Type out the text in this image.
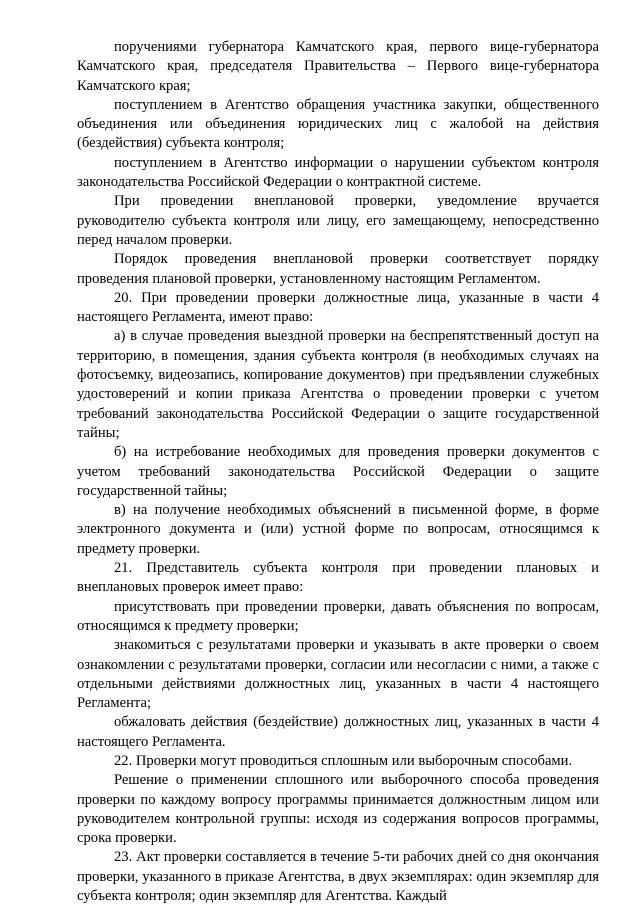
поручениями губернатора Камчатского края, первого вице-губернатора Камчатского края, председателя Правительства – Первого вице-губернатора Камчатского края;

поступлением в Агентство обращения участника закупки, общественного объединения или объединения юридических лиц с жалобой на действия (бездействия) субъекта контроля;

поступлением в Агентство информации о нарушении субъектом контроля законодательства Российской Федерации о контрактной системе.

При проведении внеплановой проверки, уведомление вручается руководителю субъекта контроля или лицу, его замещающему, непосредственно перед началом проверки.

Порядок проведения внеплановой проверки соответствует порядку проведения плановой проверки, установленному настоящим Регламентом.

20. При проведении проверки должностные лица, указанные в части 4 настоящего Регламента, имеют право:

а) в случае проведения выездной проверки на беспрепятственный доступ на территорию, в помещения, здания субъекта контроля (в необходимых случаях на фотосъемку, видеозапись, копирование документов) при предъявлении служебных удостоверений и копии приказа Агентства о проведении проверки с учетом требований законодательства Российской Федерации о защите государственной тайны;

б) на истребование необходимых для проведения проверки документов с учетом требований законодательства Российской Федерации о защите государственной тайны;

в) на получение необходимых объяснений в письменной форме, в форме электронного документа и (или) устной форме по вопросам, относящимся к предмету проверки.

21. Представитель субъекта контроля при проведении плановых и внеплановых проверок имеет право:

присутствовать при проведении проверки, давать объяснения по вопросам, относящимся к предмету проверки;

знакомиться с результатами проверки и указывать в акте проверки о своем ознакомлении с результатами проверки, согласии или несогласии с ними, а также с отдельными действиями должностных лиц, указанных в части 4 настоящего Регламента;

обжаловать действия (бездействие) должностных лиц, указанных в части 4 настоящего Регламента.

22. Проверки могут проводиться сплошным или выборочным способами.

Решение о применении сплошного или выборочного способа проведения проверки по каждому вопросу программы принимается должностным лицом или руководителем контрольной группы: исходя из содержания вопросов программы, срока проверки.

23. Акт проверки составляется в течение 5-ти рабочих дней со дня окончания проверки, указанного в приказе Агентства, в двух экземплярах: один экземпляр для субъекта контроля; один экземпляр для Агентства. Каждый
